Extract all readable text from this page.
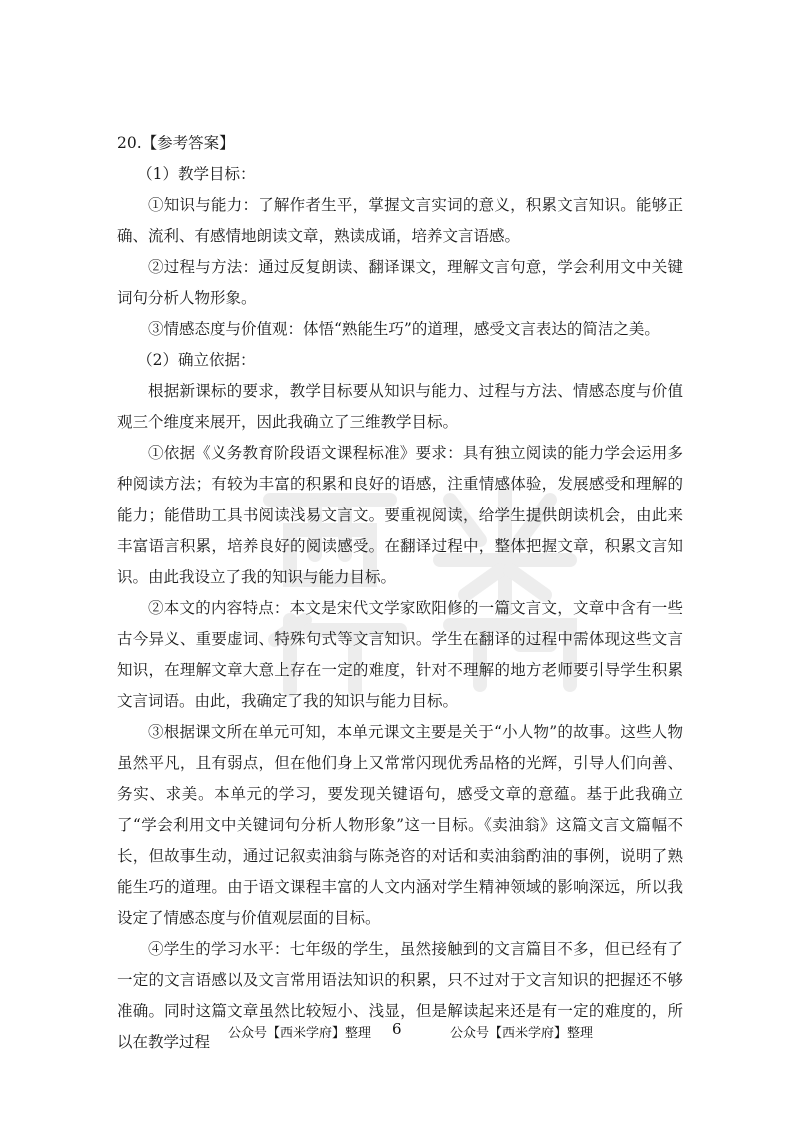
20.【参考答案】

（1）教学目标：

①知识与能力：了解作者生平，掌握文言实词的意义，积累文言知识。能够正确、流利、有感情地朗读文章，熟读成诵，培养文言语感。

②过程与方法：通过反复朗读、翻译课文，理解文言句意，学会利用文中关键词句分析人物形象。

③情感态度与价值观：体悟“熟能生巧”的道理，感受文言表达的简洁之美。

（2）确立依据：

根据新课标的要求，教学目标要从知识与能力、过程与方法、情感态度与价值观三个维度来展开，因此我确立了三维教学目标。

①依据《义务教育阶段语文课程标准》要求：具有独立阅读的能力学会运用多种阅读方法；有较为丰富的积累和良好的语感，注重情感体验，发展感受和理解的能力；能借助工具书阅读浅易文言文。要重视阅读，给学生提供朗读机会，由此来丰富语言积累，培养良好的阅读感受。在翻译过程中，整体把握文章，积累文言知识。由此我设立了我的知识与能力目标。

②本文的内容特点：本文是宋代文学家欧阳修的一篇文言文，文章中含有一些古今异义、重要虚词、特殊句式等文言知识。学生在翻译的过程中需体现这些文言知识，在理解文章大意上存在一定的难度，针对不理解的地方老师要引导学生积累文言词语。由此，我确定了我的知识与能力目标。

③根据课文所在单元可知，本单元课文主要是关于“小人物”的故事。这些人物虽然平凡，且有弱点，但在他们身上又常常闪现优秀品格的光辉，引导人们向善、务实、求美。本单元的学习，要发现关键语句，感受文章的意蕴。基于此我确立了“学会利用文中关键词句分析人物形象”这一目标。《卖油翁》这篇文言文篇幅不长，但故事生动，通过记叙卖油翁与陈尧咨的对话和卖油翁酌油的事例，说明了熟能生巧的道理。由于语文课程丰富的人文内涵对学生精神领域的影响深远，所以我设定了情感态度与价值观层面的目标。

④学生的学习水平：七年级的学生，虽然接触到的文言篇目不多，但已经有了一定的文言语感以及文言常用语法知识的积累，只不过对于文言知识的把握还不够准确。同时这篇文章虽然比较短小、浅显，但是解读起来还是有一定的难度的，所以在教学过程	公众号【西米学府】整理 6	公众号【西米学府】整理
